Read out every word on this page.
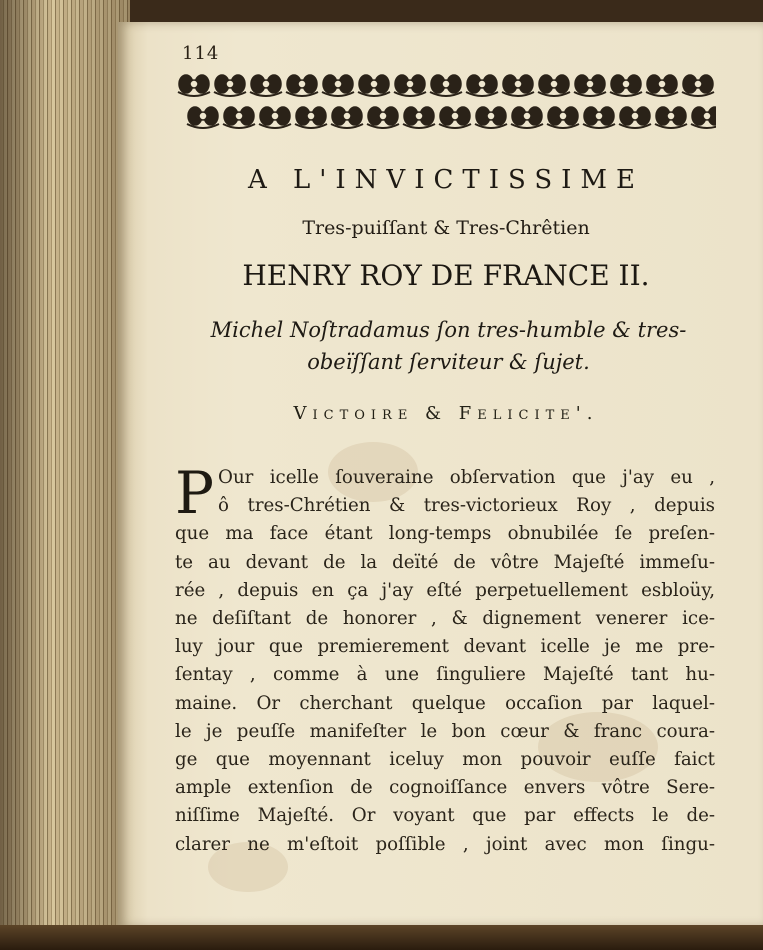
114
A L'INVICTISSIME
Tres-puiſſant & Tres-Chrêtien
HENRY ROY DE FRANCE II.
Michel Noſtradamus ſon tres-humble & tres-
obeïſſant ſerviteur & ſujet.
Victoire & Felicite'.
P Our icelle ſouveraine obſervation que j'ay eu ,
ô tres-Chrétien & tres-victorieux Roy , depuis
que ma face étant long-temps obnubilée ſe preſen-
te au devant de la deïté de vôtre Majeſté immeſu-
rée , depuis en ça j'ay eſté perpetuellement esbloüy,
ne deſiſtant de honorer , & dignement venerer ice-
luy jour que premierement devant icelle je me pre-
ſentay , comme à une ſinguliere Majeſté tant hu-
maine. Or cherchant quelque occaſion par laquel-
le je peuſſe manifeſter le bon cœur & franc coura-
ge que moyennant iceluy mon pouvoir euſſe faict
ample extenſion de cognoiſſance envers vôtre Sere-
niſſime Majeſté. Or voyant que par effects le de-
clarer ne m'eſtoit poſſible , joint avec mon ſingu-
